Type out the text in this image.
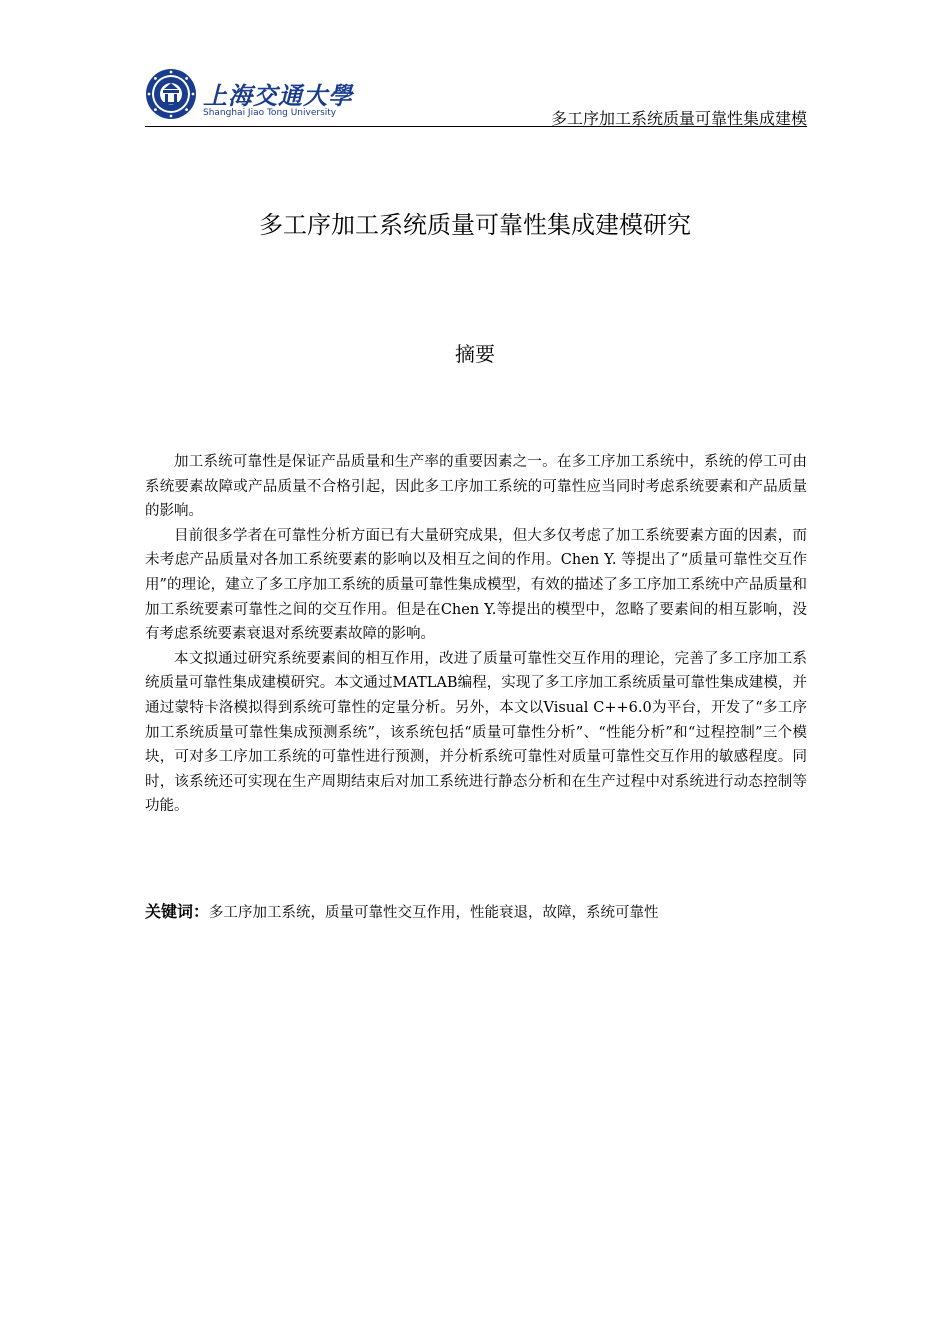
上海交通大學
Shanghai Jiao Tong University	多工序加工系统质量可靠性集成建模
多工序加工系统质量可靠性集成建模研究
摘要

加工系统可靠性是保证产品质量和生产率的重要因素之一。在多工序加工系统中，系统的停工可由系统要素故障或产品质量不合格引起，因此多工序加工系统的可靠性应当同时考虑系统要素和产品质量的影响。

目前很多学者在可靠性分析方面已有大量研究成果，但大多仅考虑了加工系统要素方面的因素，而未考虑产品质量对各加工系统要素的影响以及相互之间的作用。Chen Y. 等提出了“质量可靠性交互作用”的理论，建立了多工序加工系统的质量可靠性集成模型，有效的描述了多工序加工系统中产品质量和加工系统要素可靠性之间的交互作用。但是在Chen Y.等提出的模型中，忽略了要素间的相互影响，没有考虑系统要素衰退对系统要素故障的影响。

本文拟通过研究系统要素间的相互作用，改进了质量可靠性交互作用的理论，完善了多工序加工系统质量可靠性集成建模研究。本文通过MATLAB编程，实现了多工序加工系统质量可靠性集成建模，并通过蒙特卡洛模拟得到系统可靠性的定量分析。另外，本文以Visual C++6.0为平台，开发了“多工序加工系统质量可靠性集成预测系统”，该系统包括“质量可靠性分析”、“性能分析”和“过程控制”三个模块，可对多工序加工系统的可靠性进行预测，并分析系统可靠性对质量可靠性交互作用的敏感程度。同时，该系统还可实现在生产周期结束后对加工系统进行静态分析和在生产过程中对系统进行动态控制等功能。

关键词：多工序加工系统，质量可靠性交互作用，性能衰退，故障，系统可靠性
